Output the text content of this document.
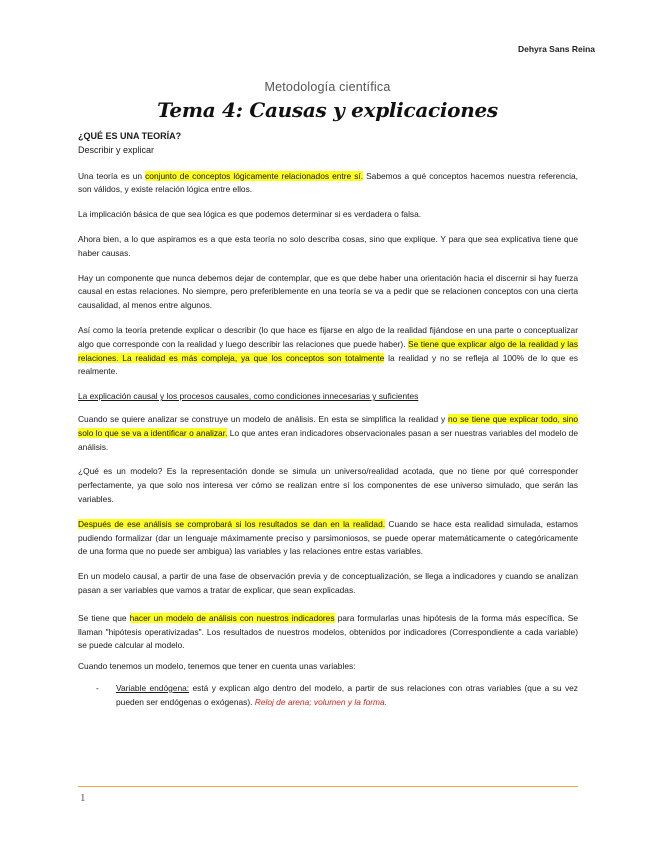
Dehyra Sans Reina
Metodología científica
Tema 4: Causas y explicaciones

¿QUÉ ES UNA TEORÍA?

Describir y explicar

Una teoría es un conjunto de conceptos lógicamente relacionados entre sí. Sabemos a qué conceptos hacemos nuestra referencia, son válidos, y existe relación lógica entre ellos.

La implicación básica de que sea lógica es que podemos determinar si es verdadera o falsa.

Ahora bien, a lo que aspiramos es a que esta teoría no solo describa cosas, sino que explique. Y para que sea explicativa tiene que haber causas.

Hay un componente que nunca debemos dejar de contemplar, que es que debe haber una orientación hacia el discernir si hay fuerza causal en estas relaciones. No siempre, pero preferiblemente en una teoría se va a pedir que se relacionen conceptos con una cierta causalidad, al menos entre algunos.

Así como la teoría pretende explicar o describir (lo que hace es fijarse en algo de la realidad fijándose en una parte o conceptualizar algo que corresponde con la realidad y luego describir las relaciones que puede haber). Se tiene que explicar algo de la realidad y las relaciones. La realidad es más compleja, ya que los conceptos son totalmente la realidad y no se refleja al 100% de lo que es realmente.

La explicación causal y los procesos causales, como condiciones innecesarias y suficientes

Cuando se quiere analizar se construye un modelo de análisis. En esta se simplifica la realidad y no se tiene que explicar todo, sino solo lo que se va a identificar o analizar. Lo que antes eran indicadores observacionales pasan a ser nuestras variables del modelo de análisis.

¿Qué es un modelo? Es la representación donde se simula un universo/realidad acotada, que no tiene por qué corresponder perfectamente, ya que solo nos interesa ver cómo se realizan entre sí los componentes de ese universo simulado, que serán las variables.

Después de ese análisis se comprobará si los resultados se dan en la realidad. Cuando se hace esta realidad simulada, estamos pudiendo formalizar (dar un lenguaje máximamente preciso y parsimoniosos, se puede operar matemáticamente o categóricamente de una forma que no puede ser ambigua) las variables y las relaciones entre estas variables.

En un modelo causal, a partir de una fase de observación previa y de conceptualización, se llega a indicadores y cuando se analizan pasan a ser variables que vamos a tratar de explicar, que sean explicadas.

Se tiene que hacer un modelo de análisis con nuestros indicadores para formularlas unas hipótesis de la forma más específica. Se llaman "hipótesis operativizadas". Los resultados de nuestros modelos, obtenidos por indicadores (Correspondiente a cada variable) se puede calcular al modelo.

Cuando tenemos un modelo, tenemos que tener en cuenta unas variables:

-	Variable endógena: está y explican algo dentro del modelo, a partir de sus relaciones con otras variables (que a su vez pueden ser endógenas o exógenas). Reloj de arena; volumen y la forma.
1
